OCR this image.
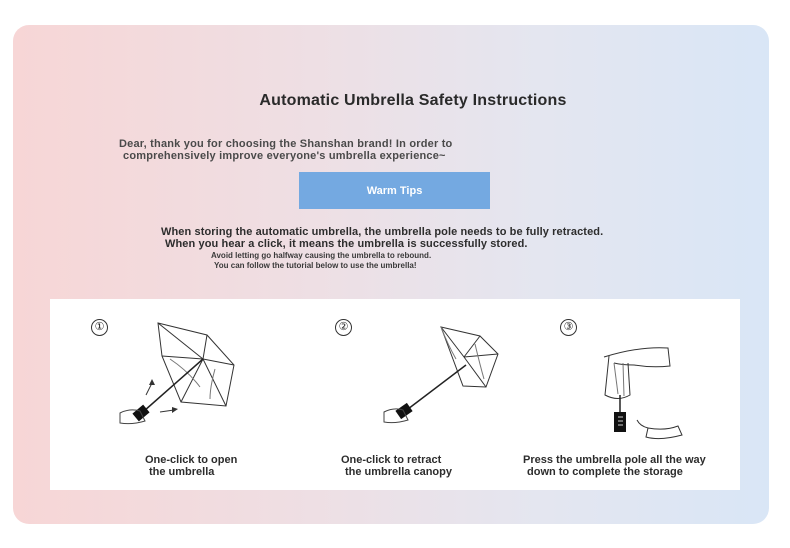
Automatic Umbrella Safety Instructions
Dear, thank you for choosing the Shanshan brand! In order to
comprehensively improve everyone's umbrella experience~
Warm Tips
When storing the automatic umbrella, the umbrella pole needs to be fully retracted.
When you hear a click, it means the umbrella is successfully stored.
Avoid letting go halfway causing the umbrella to rebound.
You can follow the tutorial below to use the umbrella!
①
One-click to open
the umbrella
②
One-click to retract
the umbrella canopy
③
Press the umbrella pole all the way
down to complete the storage
